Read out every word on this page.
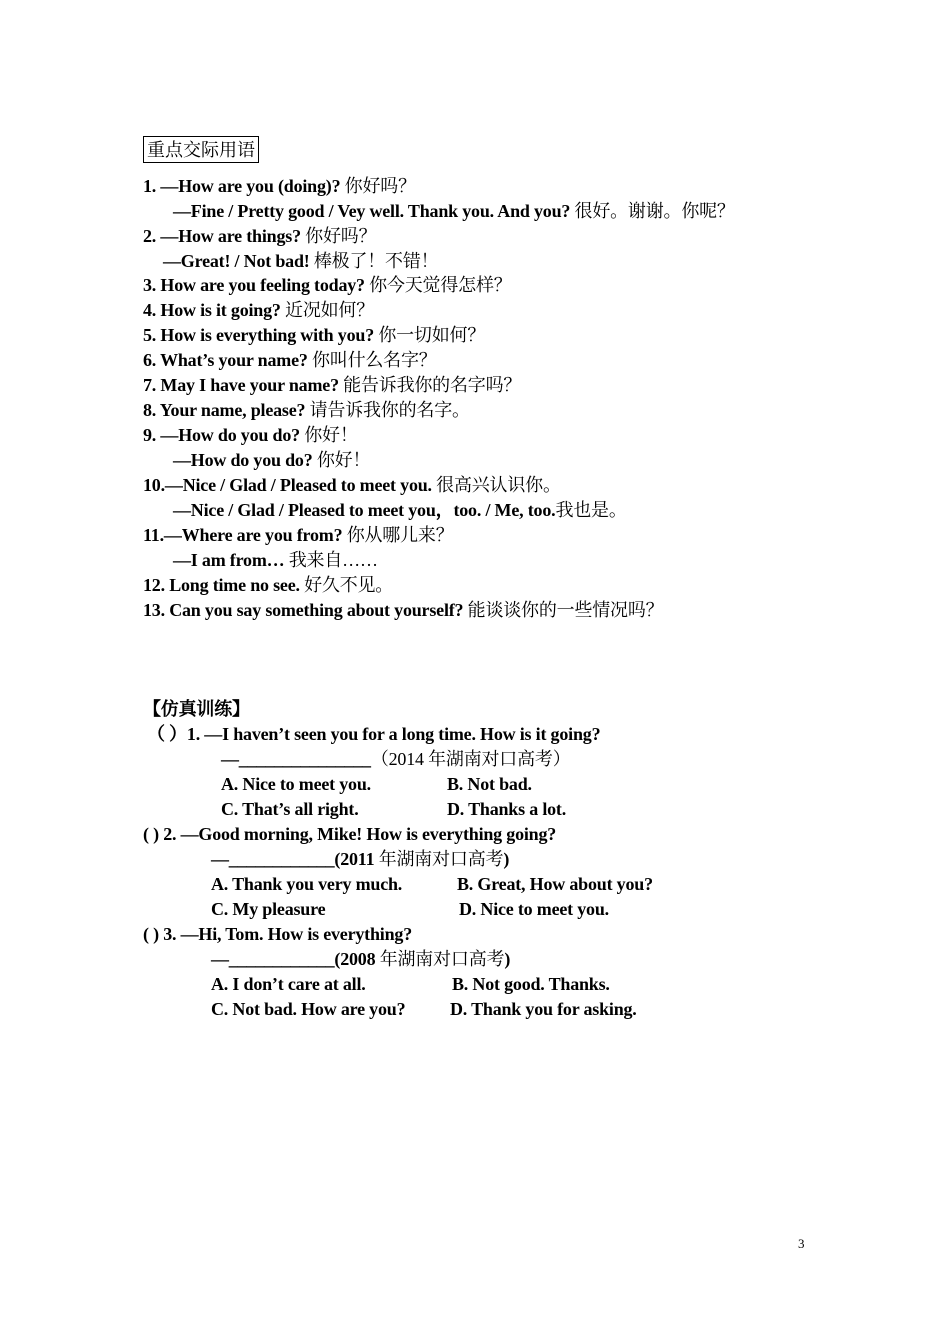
重点交际用语
1. —How are you (doing)? 你好吗？
—Fine / Pretty good / Vey well. Thank you. And you? 很好。谢谢。你呢？
2. —How are things? 你好吗？
—Great! / Not bad! 棒极了！不错！
3. How are you feeling today? 你今天觉得怎样？
4. How is it going? 近况如何？
5. How is everything with you? 你一切如何？
6. What’s your name? 你叫什么名字？
7. May I have your name? 能告诉我你的名字吗？
8. Your name, please? 请告诉我你的名字。
9. —How do you do? 你好！
—How do you do? 你好！
10.—Nice / Glad / Pleased to meet you. 很高兴认识你。
—Nice / Glad / Pleased to meet you，too. / Me, too.我也是。
11.—Where are you from? 你从哪儿来？
—I am from… 我来自……
12. Long time no see. 好久不见。
13. Can you say something about yourself? 能谈谈你的一些情况吗？
【仿真训练】
（ ）1. —I haven’t seen you for a long time. How is it going?
—_______________（2014 年湖南对口高考）
A. Nice to meet you.	B. Not bad.
C. That’s all right.	D. Thanks a lot.
( ) 2. —Good morning, Mike! How is everything going?
—____________(2011 年湖南对口高考)
A. Thank you very much.	B. Great, How about you?
C. My pleasure	D. Nice to meet you.
( ) 3. —Hi, Tom. How is everything?
—____________(2008 年湖南对口高考)
A. I don’t care at all.	B. Not good. Thanks.
C. Not bad. How are you? D. Thank you for asking.
3
